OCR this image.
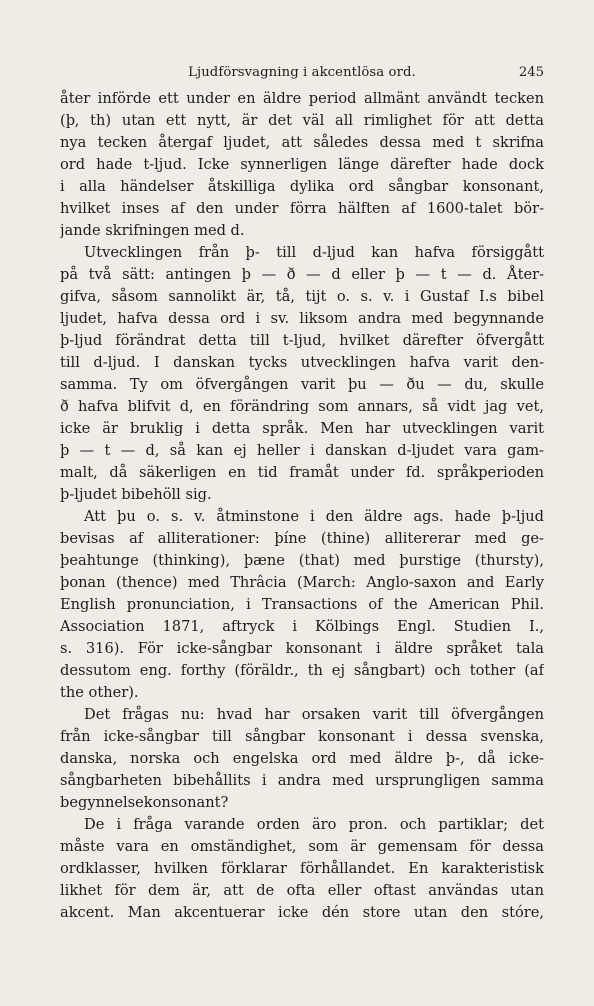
Ljudförsvagning i akcentlösa ord.	245
åter införde ett under en äldre period allmänt användt tecken
(þ, th) utan ett nytt, är det väl all rimlighet för att detta
nya tecken återgaf ljudet, att således dessa med t skrifna
ord hade t-ljud. Icke synnerligen länge därefter hade dock
i alla händelser åtskilliga dylika ord sångbar konsonant,
hvilket inses af den under förra hälften af 1600-talet bör-
jande skrifningen med d.
Utvecklingen från þ- till d-ljud kan hafva försiggått
på två sätt: antingen þ — ð — d eller þ — t — d. Åter-
gifva, såsom sannolikt är, tå, tijt o. s. v. i Gustaf I.s bibel
ljudet, hafva dessa ord i sv. liksom andra med begynnande
þ-ljud förändrat detta till t-ljud, hvilket därefter öfvergått
till d-ljud. I danskan tycks utvecklingen hafva varit den-
samma. Ty om öfvergången varit þu — ðu — du, skulle
ð hafva blifvit d, en förändring som annars, så vidt jag vet,
icke är bruklig i detta språk. Men har utvecklingen varit
þ — t — d, så kan ej heller i danskan d-ljudet vara gam-
malt, då säkerligen en tid framåt under fd. språkperioden
þ-ljudet bibehöll sig.
Att þu o. s. v. åtminstone i den äldre ags. hade þ-ljud
bevisas af alliterationer: þíne (thine) allitererar med ge-
þeahtunge (thinking), þæne (that) med þurstige (thursty),
þonan (thence) med Thrâcia (March: Anglo-saxon and Early
English pronunciation, i Transactions of the American Phil.
Association 1871, aftryck i Kölbings Engl. Studien I.,
s. 316). För icke-sångbar konsonant i äldre språket tala
dessutom eng. forthy (föräldr., th ej sångbart) och tother (af
the other).
Det frågas nu: hvad har orsaken varit till öfvergången
från icke-sångbar till sångbar konsonant i dessa svenska,
danska, norska och engelska ord med äldre þ-, då icke-
sångbarheten bibehållits i andra med ursprungligen samma
begynnelsekonsonant?
De i fråga varande orden äro pron. och partiklar; det
måste vara en omständighet, som är gemensam för dessa
ordklasser, hvilken förklarar förhållandet. En karakteristisk
likhet för dem är, att de ofta eller oftast användas utan
akcent. Man akcentuerar icke dén store utan den stóre,
